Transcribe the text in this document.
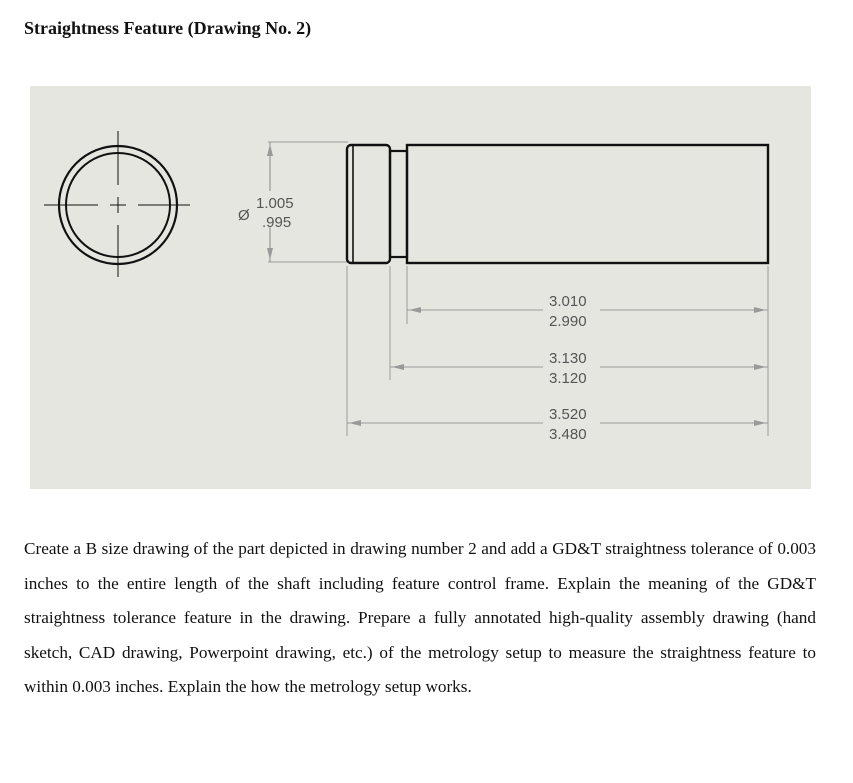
Straightness Feature (Drawing No. 2)
Ø
1.005
.995
3.010
2.990
3.130
3.120
3.520
3.480

Create a B size drawing of the part depicted in drawing number 2 and add a GD&T straightness tolerance of 0.003 inches to the entire length of the shaft including feature control frame. Explain the meaning of the GD&T straightness tolerance feature in the drawing. Prepare a fully annotated high-quality assembly drawing (hand sketch, CAD drawing, Powerpoint drawing, etc.) of the metrology setup to measure the straightness feature to within 0.003 inches. Explain the how the metrology setup works.
